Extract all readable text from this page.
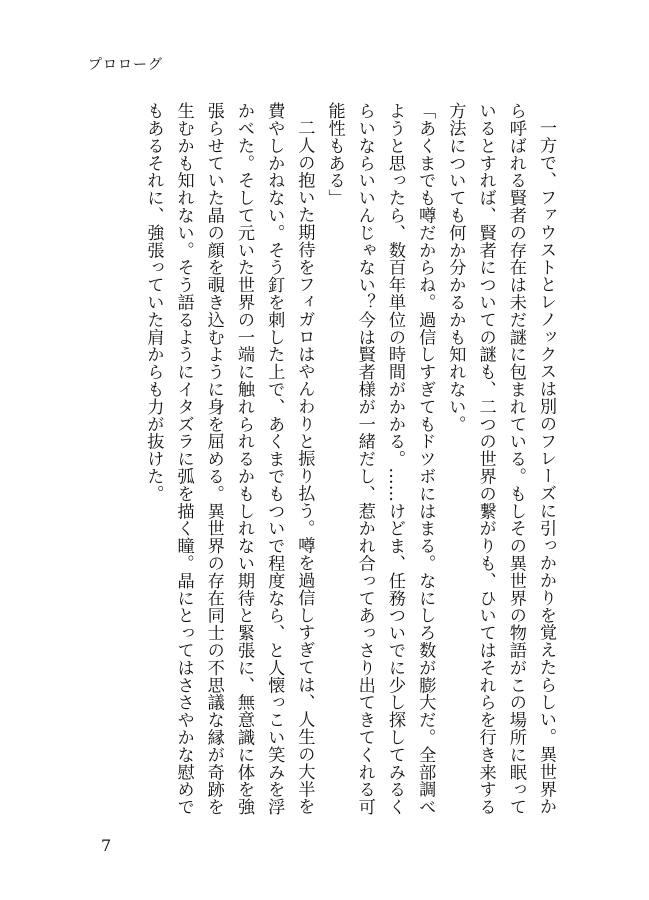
プロローグ

一方で、ファウストとレノックスは別のフレーズに引っかかりを覚えたらしい。異世界から呼ばれる賢者の存在は未だ謎に包まれている。もしその異世界の物語がこの場所に眠っているとすれば、賢者についての謎も、二つの世界の繋がりも、ひいてはそれらを行き来する方法についても何か分かるかも知れない。

「あくまでも噂だからね。過信しすぎてもドツボにはまる。なにしろ数が膨大だ。全部調べようと思ったら、数百年単位の時間がかかる。……けどま、任務ついでに少し探してみるくらいならいいんじゃない？今は賢者様が一緒だし、惹かれ合ってあっさり出てきてくれる可能性もある」

二人の抱いた期待をフィガロはやんわりと振り払う。噂を過信しすぎては、人生の大半を費やしかねない。そう釘を刺した上で、あくまでもついで程度なら、と人懐っこい笑みを浮かべた。そして元いた世界の一端に触れられるかもしれない期待と緊張に、無意識に体を強張らせていた晶の顔を覗き込むように身を屈める。異世界の存在同士の不思議な縁が奇跡を生むかも知れない。そう語るようにイタズラに弧を描く瞳。晶にとってはささやかな慰めでもあるそれに、強張っていた肩からも力が抜けた。

7
